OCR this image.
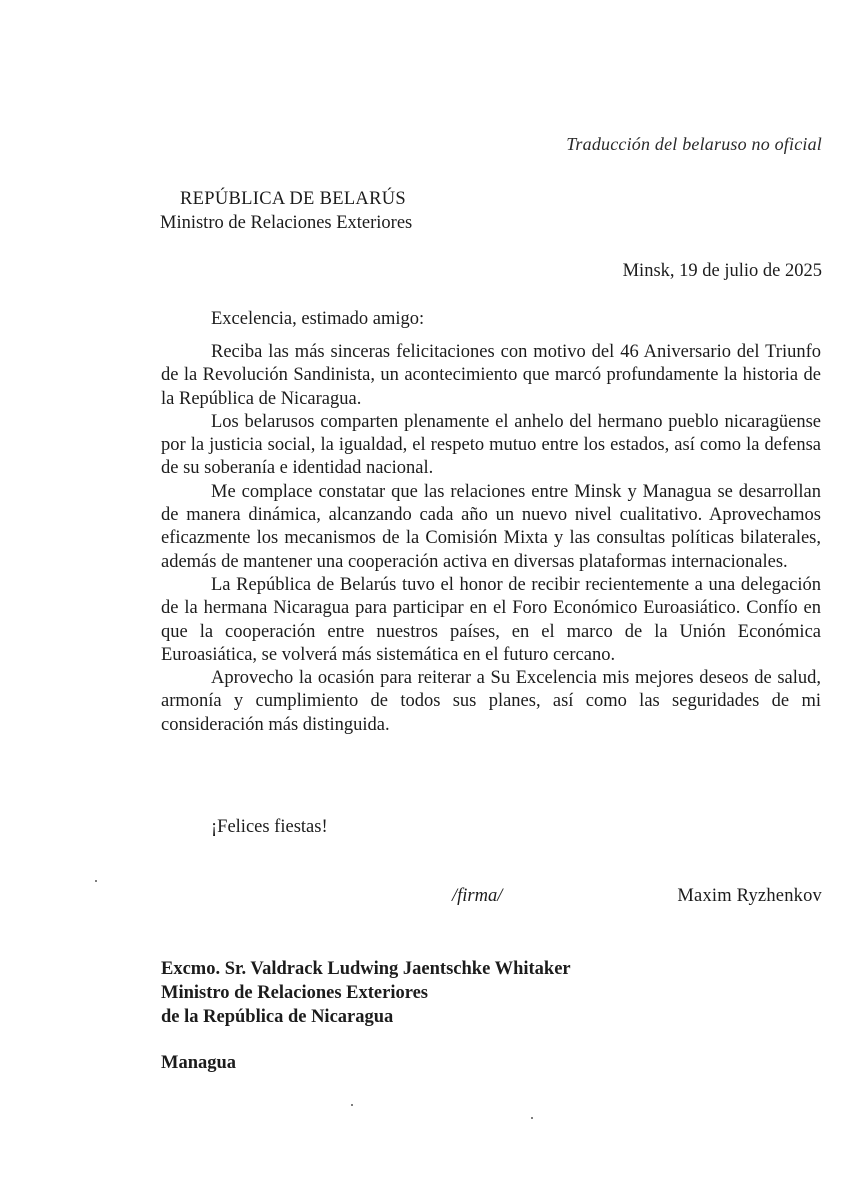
Traducción del belaruso no oficial
REPÚBLICA DE BELARÚS
Ministro de Relaciones Exteriores
Minsk, 19 de julio de 2025
Excelencia, estimado amigo:

Reciba las más sinceras felicitaciones con motivo del 46 Aniversario del Triunfo de la Revolución Sandinista, un acontecimiento que marcó profundamente la historia de la República de Nicaragua.

Los belarusos comparten plenamente el anhelo del hermano pueblo nicaragüense por la justicia social, la igualdad, el respeto mutuo entre los estados, así como la defensa de su soberanía e identidad nacional.

Me complace constatar que las relaciones entre Minsk y Managua se desarrollan de manera dinámica, alcanzando cada año un nuevo nivel cualitativo. Aprovechamos eficazmente los mecanismos de la Comisión Mixta y las consultas políticas bilaterales, además de mantener una cooperación activa en diversas plataformas internacionales.

La República de Belarús tuvo el honor de recibir recientemente a una delegación de la hermana Nicaragua para participar en el Foro Económico Euroasiático. Confío en que la cooperación entre nuestros países, en el marco de la Unión Económica Euroasiática, se volverá más sistemática en el futuro cercano.

Aprovecho la ocasión para reiterar a Su Excelencia mis mejores deseos de salud, armonía y cumplimiento de todos sus planes, así como las seguridades de mi consideración más distinguida.

¡Felices fiestas!
/firma/	Maxim Ryzhenkov
Excmo. Sr. Valdrack Ludwing Jaentschke Whitaker
Ministro de Relaciones Exteriores
de la República de Nicaragua
Managua
